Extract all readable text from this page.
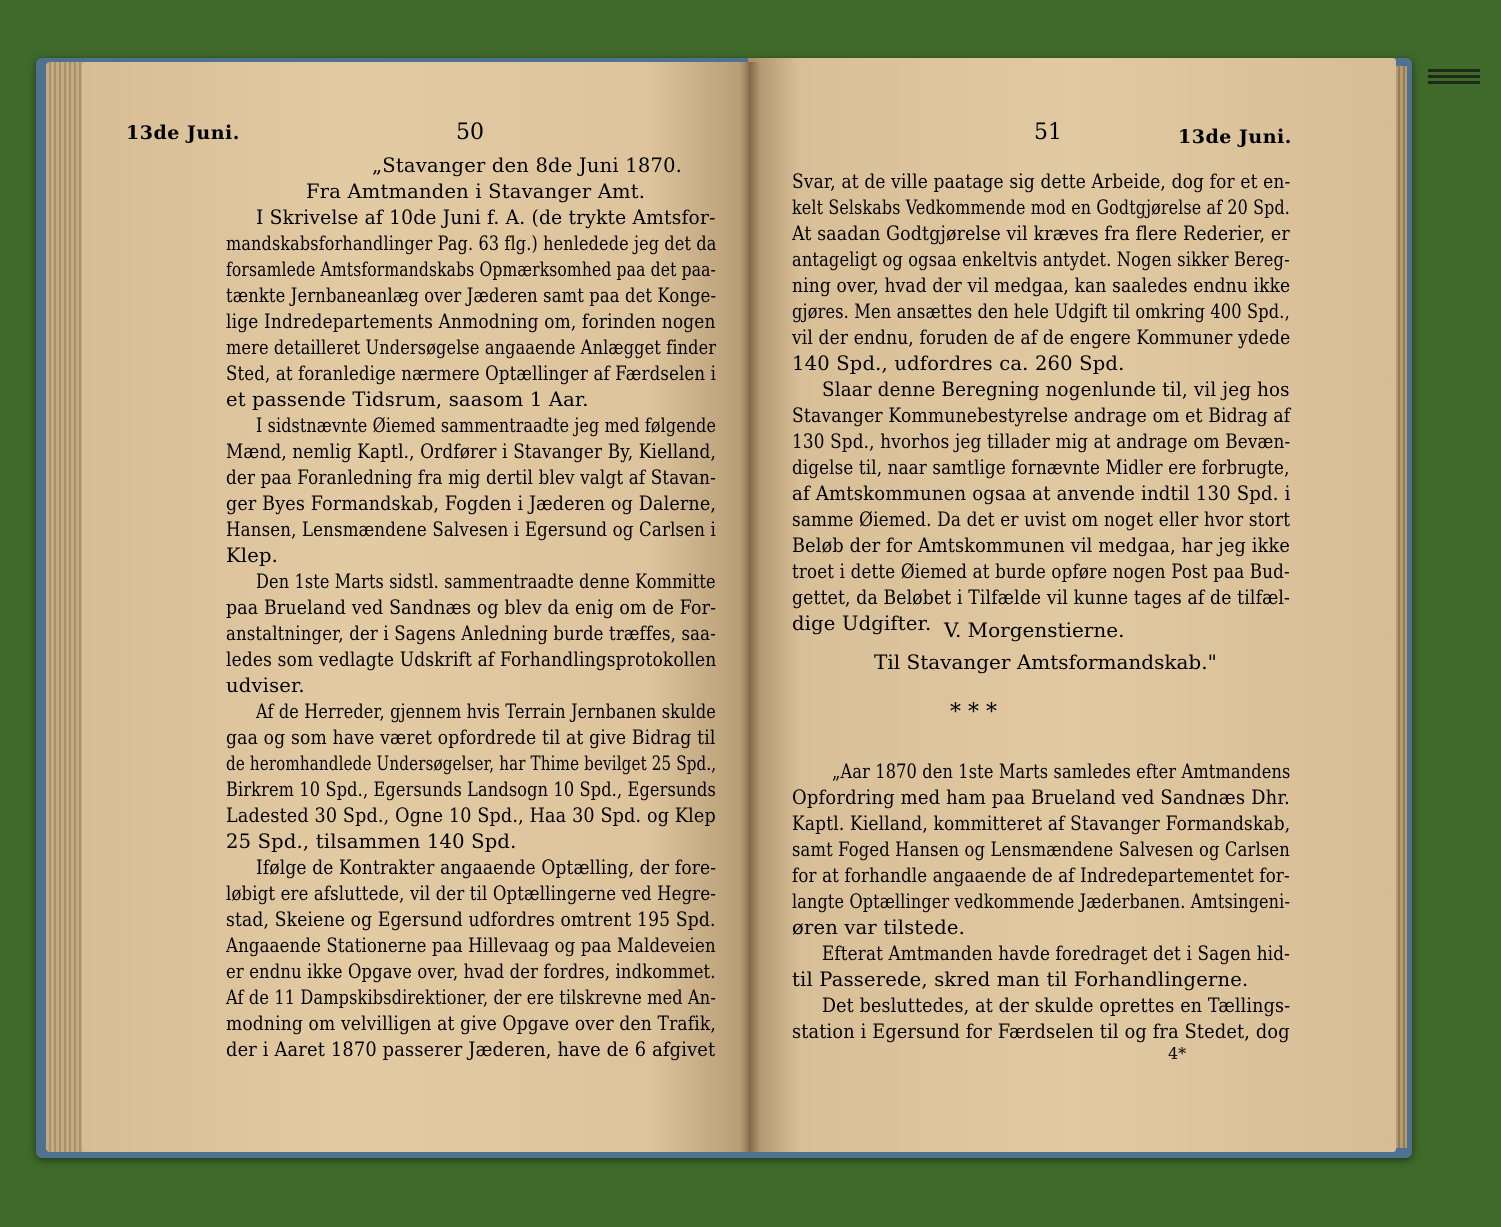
13de Juni.	50	51	13de Juni.
„Stavanger den 8de Juni 1870.
Fra Amtmanden i Stavanger Amt.
I Skrivelse af 10de Juni f. A. (de trykte Amtsfor-
mandskabsforhandlinger Pag. 63 flg.) henledede jeg det da
forsamlede Amtsformandskabs Opmærksomhed paa det paa-
tænkte Jernbaneanlæg over Jæderen samt paa det Konge-
lige Indredepartements Anmodning om, forinden nogen
mere detailleret Undersøgelse angaaende Anlægget finder
Sted, at foranledige nærmere Optællinger af Færdselen i
et passende Tidsrum, saasom 1 Aar.
I sidstnævnte Øiemed sammentraadte jeg med følgende
Mænd, nemlig Kaptl., Ordfører i Stavanger By, Kielland,
der paa Foranledning fra mig dertil blev valgt af Stavan-
ger Byes Formandskab, Fogden i Jæderen og Dalerne,
Hansen, Lensmændene Salvesen i Egersund og Carlsen i
Klep.
Den 1ste Marts sidstl. sammentraadte denne Kommitte
paa Brueland ved Sandnæs og blev da enig om de For-
anstaltninger, der i Sagens Anledning burde træffes, saa-
ledes som vedlagte Udskrift af Forhandlingsprotokollen
udviser.
Af de Herreder, gjennem hvis Terrain Jernbanen skulde
gaa og som have været opfordrede til at give Bidrag til
de heromhandlede Undersøgelser, har Thime bevilget 25 Spd.,
Birkrem 10 Spd., Egersunds Landsogn 10 Spd., Egersunds
Ladested 30 Spd., Ogne 10 Spd., Haa 30 Spd. og Klep
25 Spd., tilsammen 140 Spd.
Ifølge de Kontrakter angaaende Optælling, der fore-
løbigt ere afsluttede, vil der til Optællingerne ved Hegre-
stad, Skeiene og Egersund udfordres omtrent 195 Spd.
Angaaende Stationerne paa Hillevaag og paa Maldeveien
er endnu ikke Opgave over, hvad der fordres, indkommet.
Af de 11 Dampskibsdirektioner, der ere tilskrevne med An-
modning om velvilligen at give Opgave over den Trafik,
der i Aaret 1870 passerer Jæderen, have de 6 afgivet
Svar, at de ville paatage sig dette Arbeide, dog for et en-
kelt Selskabs Vedkommende mod en Godtgjørelse af 20 Spd.
At saadan Godtgjørelse vil kræves fra flere Rederier, er
antageligt og ogsaa enkeltvis antydet. Nogen sikker Bereg-
ning over, hvad der vil medgaa, kan saaledes endnu ikke
gjøres. Men ansættes den hele Udgift til omkring 400 Spd.,
vil der endnu, foruden de af de engere Kommuner ydede
140 Spd., udfordres ca. 260 Spd.
Slaar denne Beregning nogenlunde til, vil jeg hos
Stavanger Kommunebestyrelse andrage om et Bidrag af
130 Spd., hvorhos jeg tillader mig at andrage om Bevæn-
digelse til, naar samtlige fornævnte Midler ere forbrugte,
af Amtskommunen ogsaa at anvende indtil 130 Spd. i
samme Øiemed. Da det er uvist om noget eller hvor stort
Beløb der for Amtskommunen vil medgaa, har jeg ikke
troet i dette Øiemed at burde opføre nogen Post paa Bud-
gettet, da Beløbet i Tilfælde vil kunne tages af de tilfæl-
dige Udgifter. V. Morgenstierne.
Til Stavanger Amtsformandskab."
* * *
„Aar 1870 den 1ste Marts samledes efter Amtmandens
Opfordring med ham paa Brueland ved Sandnæs Dhr.
Kaptl. Kielland, kommitteret af Stavanger Formandskab,
samt Foged Hansen og Lensmændene Salvesen og Carlsen
for at forhandle angaaende de af Indredepartementet for-
langte Optællinger vedkommende Jæderbanen. Amtsingeni-
øren var tilstede.
Efterat Amtmanden havde foredraget det i Sagen hid-
til Passerede, skred man til Forhandlingerne.
Det besluttedes, at der skulde oprettes en Tællings-
station i Egersund for Færdselen til og fra Stedet, dog
4*
